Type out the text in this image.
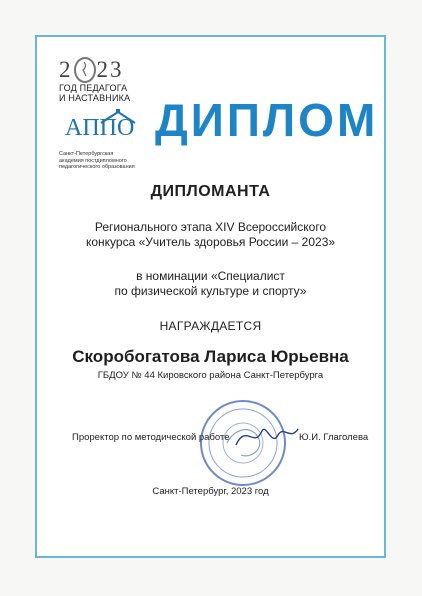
2 2 3
ГОД ПЕДАГОГА
И НАСТАВНИКА
АППО
Санкт-Петербургская
академия постдипломного
педагогического образования
ДИПЛОМ
ДИПЛОМАНТА
Регионального этапа XIV Всероссийского
конкурса «Учитель здоровья России – 2023»
в номинации «Специалист
по физической культуре и спорту»
НАГРАЖДАЕТСЯ
Скоробогатова Лариса Юрьевна
ГБДОУ № 44 Кировского района Санкт-Петербурга
Проректор по методической работе	Ю.И. Глаголева
Санкт-Петербург, 2023 год
